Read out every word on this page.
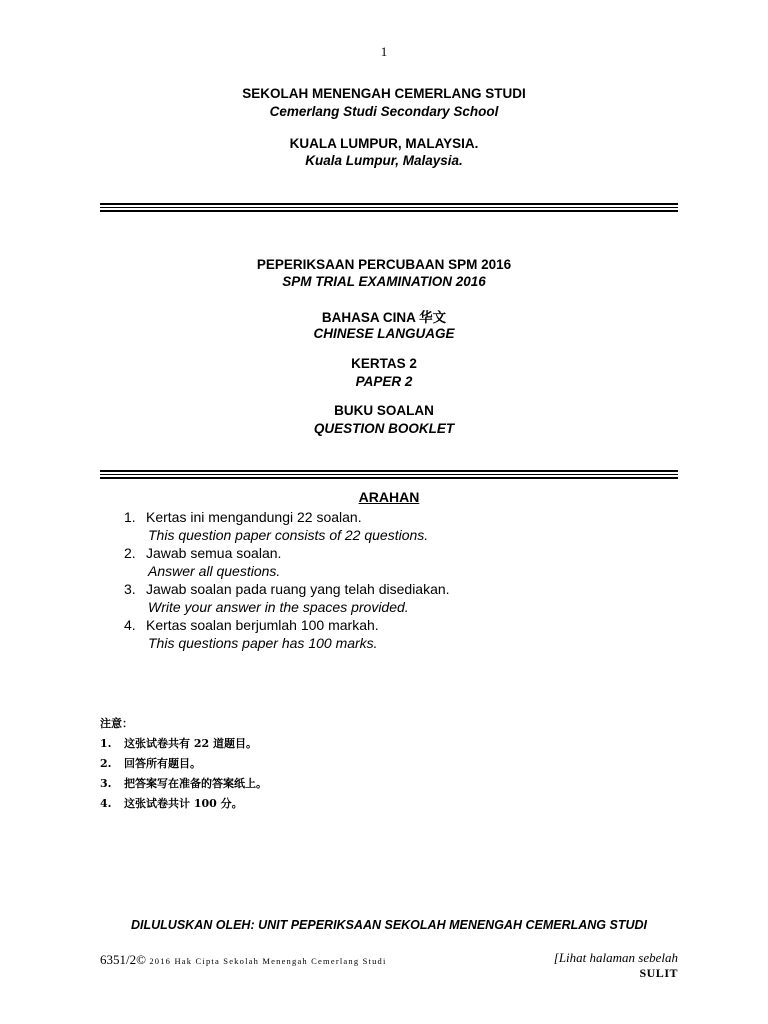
1
SEKOLAH MENENGAH CEMERLANG STUDI
Cemerlang Studi Secondary School
KUALA LUMPUR, MALAYSIA.
Kuala Lumpur, Malaysia.
PEPERIKSAAN PERCUBAAN SPM 2016
SPM TRIAL EXAMINATION 2016
BAHASA CINA 华文
CHINESE LANGUAGE
KERTAS 2
PAPER 2
BUKU SOALAN
QUESTION BOOKLET
ARAHAN
1. Kertas ini mengandungi 22 soalan.
This question paper consists of 22 questions.
2. Jawab semua soalan.
Answer all questions.
3. Jawab soalan pada ruang yang telah disediakan.
Write your answer in the spaces provided.
4. Kertas soalan berjumlah 100 markah.
This questions paper has 100 marks.
注意：
1. 这张试卷共有 22 道题目。
2. 回答所有题目。
3. 把答案写在准备的答案纸上。
4. 这张试卷共计 100 分。
DILULUSKAN OLEH: UNIT PEPERIKSAAN SEKOLAH MENENGAH CEMERLANG STUDI
6351/2© 2016 Hak Cipta Sekolah Menengah Cemerlang Studi	[Lihat halaman sebelah
SULIT
